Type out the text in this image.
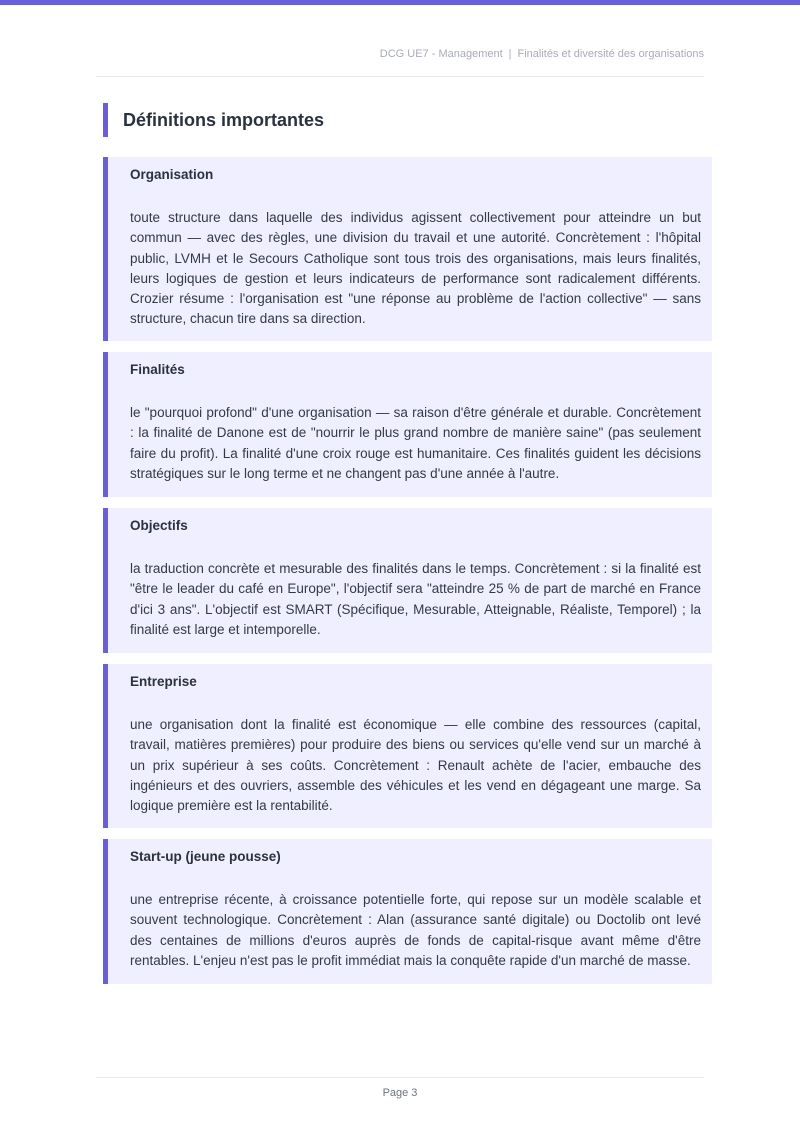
DCG UE7 - Management | Finalités et diversité des organisations
Définitions importantes
Organisation
toute structure dans laquelle des individus agissent collectivement pour atteindre un but commun — avec des règles, une division du travail et une autorité. Concrètement : l'hôpital public, LVMH et le Secours Catholique sont tous trois des organisations, mais leurs finalités, leurs logiques de gestion et leurs indicateurs de performance sont radicalement différents. Crozier résume : l'organisation est "une réponse au problème de l'action collective" — sans structure, chacun tire dans sa direction.
Finalités
le "pourquoi profond" d'une organisation — sa raison d'être générale et durable. Concrètement : la finalité de Danone est de "nourrir le plus grand nombre de manière saine" (pas seulement faire du profit). La finalité d'une croix rouge est humanitaire. Ces finalités guident les décisions stratégiques sur le long terme et ne changent pas d'une année à l'autre.
Objectifs
la traduction concrète et mesurable des finalités dans le temps. Concrètement : si la finalité est "être le leader du café en Europe", l'objectif sera "atteindre 25 % de part de marché en France d'ici 3 ans". L'objectif est SMART (Spécifique, Mesurable, Atteignable, Réaliste, Temporel) ; la finalité est large et intemporelle.
Entreprise
une organisation dont la finalité est économique — elle combine des ressources (capital, travail, matières premières) pour produire des biens ou services qu'elle vend sur un marché à un prix supérieur à ses coûts. Concrètement : Renault achète de l'acier, embauche des ingénieurs et des ouvriers, assemble des véhicules et les vend en dégageant une marge. Sa logique première est la rentabilité.
Start-up (jeune pousse)
une entreprise récente, à croissance potentielle forte, qui repose sur un modèle scalable et souvent technologique. Concrètement : Alan (assurance santé digitale) ou Doctolib ont levé des centaines de millions d'euros auprès de fonds de capital-risque avant même d'être rentables. L'enjeu n'est pas le profit immédiat mais la conquête rapide d'un marché de masse.
Page 3
